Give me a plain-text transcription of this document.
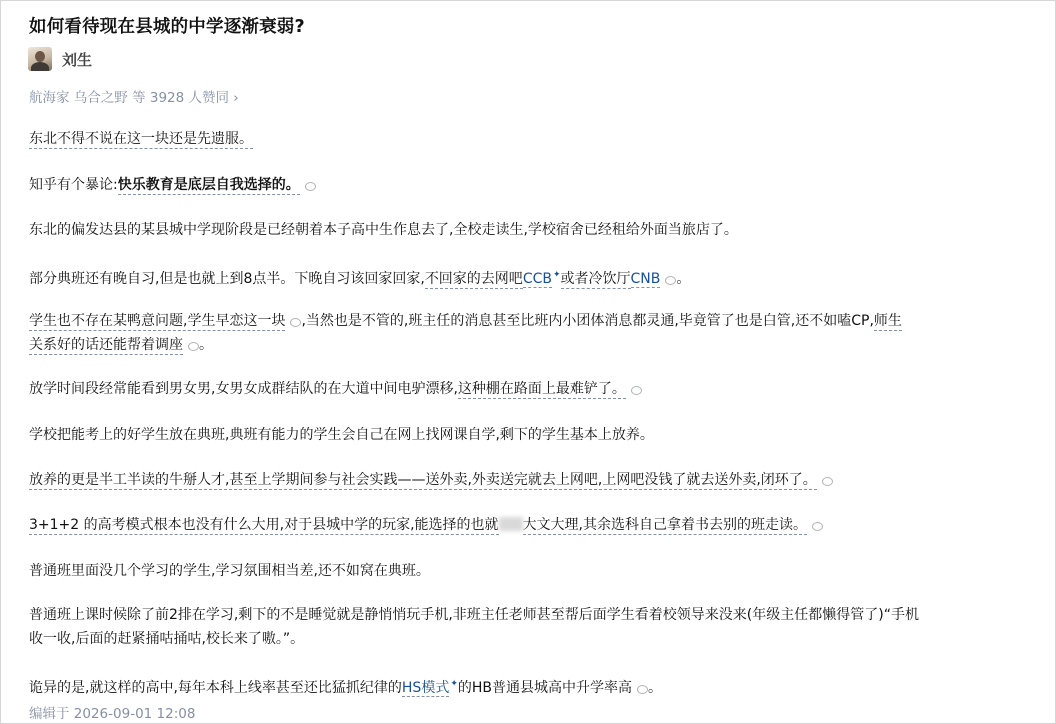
如何看待现在县城的中学逐渐衰弱?
刘生
航海家 乌合之野 等 3928 人赞同 ›
东北不得不说在这一块还是先遗服。
知乎有个暴论:快乐教育是底层自我选择的。
东北的偏发达县的某县城中学现阶段是已经朝着本子高中生作息去了,全校走读生,学校宿舍已经租给外面当旅店了。
部分典班还有晚自习,但是也就上到8点半。下晚自习该回家回家,不回家的去网吧CCB✦或者冷饮厅CNB 。
学生也不存在某鸭意问题,学生早恋这一块 ,当然也是不管的,班主任的消息甚至比班内小团体消息都灵通,毕竟管了也是白管,还不如嗑CP,师生
关系好的话还能帮着调座 。
放学时间段经常能看到男女男,女男女成群结队的在大道中间电驴漂移,这种棚在路面上最难铲了。
学校把能考上的好学生放在典班,典班有能力的学生会自己在网上找网课自学,剩下的学生基本上放养。
放养的更是半工半读的牛掰人才,甚至上学期间参与社会实践——送外卖,外卖送完就去上网吧,上网吧没钱了就去送外卖,闭环了。
3+1+2 的高考模式根本也没有什么大用,对于县城中学的玩家,能选择的也就 大文大理,其余选科自己拿着书去别的班走读。
普通班里面没几个学习的学生,学习氛围相当差,还不如窝在典班。
普通班上课时候除了前2排在学习,剩下的不是睡觉就是静悄悄玩手机,非班主任老师甚至帮后面学生看着校领导来没来(年级主任都懒得管了)“手机
收一收,后面的赶紧捅咕捅咕,校长来了嗷。”。
诡异的是,就这样的高中,每年本科上线率甚至还比猛抓纪律的HS模式✦的HB普通县城高中升学率高 。
编辑于 2026-09-01 12:08
